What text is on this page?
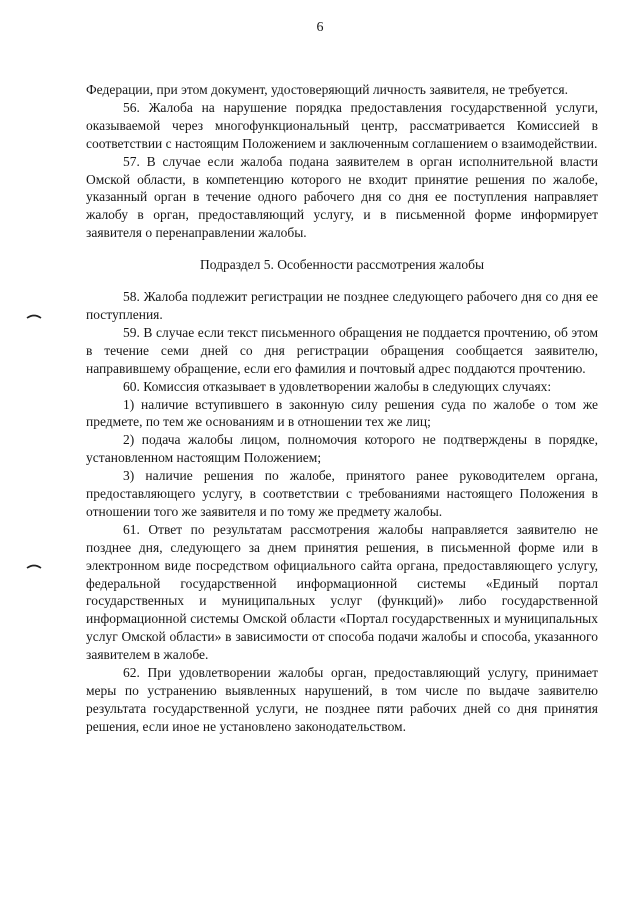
6

Федерации, при этом документ, удостоверяющий личность заявителя, не требуется.

56. Жалоба на нарушение порядка предоставления государственной услуги, оказываемой через многофункциональный центр, рассматривается Комиссией в соответствии с настоящим Положением и заключенным соглашением о взаимодействии.

57. В случае если жалоба подана заявителем в орган исполнительной власти Омской области, в компетенцию которого не входит принятие решения по жалобе, указанный орган в течение одного рабочего дня со дня ее поступления направляет жалобу в орган, предоставляющий услугу, и в письменной форме информирует заявителя о перенаправлении жалобы.

Подраздел 5. Особенности рассмотрения жалобы

58. Жалоба подлежит регистрации не позднее следующего рабочего дня со дня ее поступления.

59. В случае если текст письменного обращения не поддается прочтению, об этом в течение семи дней со дня регистрации обращения сообщается заявителю, направившему обращение, если его фамилия и почтовый адрес поддаются прочтению.

60. Комиссия отказывает в удовлетворении жалобы в следующих случаях:

1) наличие вступившего в законную силу решения суда по жалобе о том же предмете, по тем же основаниям и в отношении тех же лиц;

2) подача жалобы лицом, полномочия которого не подтверждены в порядке, установленном настоящим Положением;

3) наличие решения по жалобе, принятого ранее руководителем органа, предоставляющего услугу, в соответствии с требованиями настоящего Положения в отношении того же заявителя и по тому же предмету жалобы.

61. Ответ по результатам рассмотрения жалобы направляется заявителю не позднее дня, следующего за днем принятия решения, в письменной форме или в электронном виде посредством официального сайта органа, предоставляющего услугу, федеральной государственной информационной системы «Единый портал государственных и муниципальных услуг (функций)» либо государственной информационной системы Омской области «Портал государственных и муниципальных услуг Омской области» в зависимости от способа подачи жалобы и способа, указанного заявителем в жалобе.

62. При удовлетворении жалобы орган, предоставляющий услугу, принимает меры по устранению выявленных нарушений, в том числе по выдаче заявителю результата государственной услуги, не позднее пяти рабочих дней со дня принятия решения, если иное не установлено законодательством.
